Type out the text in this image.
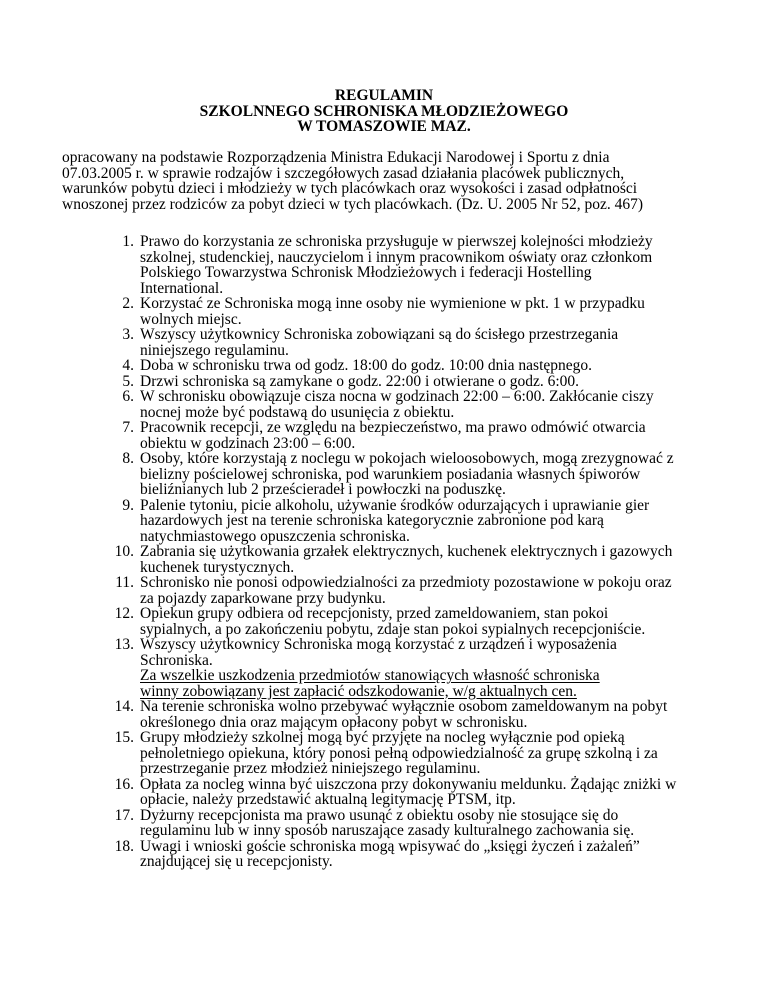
REGULAMIN
SZKOLNNEGO SCHRONISKA MŁODZIEŻOWEGO
W TOMASZOWIE MAZ.
opracowany na podstawie Rozporządzenia Ministra Edukacji Narodowej i Sportu z dnia
07.03.2005 r. w sprawie rodzajów i szczegółowych zasad działania placówek publicznych,
warunków pobytu dzieci i młodzieży w tych placówkach oraz wysokości i zasad odpłatności
wnoszonej przez rodziców za pobyt dzieci w tych placówkach. (Dz. U. 2005 Nr 52, poz. 467)
1. Prawo do korzystania ze schroniska przysługuje w pierwszej kolejności młodzieży
szkolnej, studenckiej, nauczycielom i innym pracownikom oświaty oraz członkom
Polskiego Towarzystwa Schronisk Młodzieżowych i federacji Hostelling
International.
2. Korzystać ze Schroniska mogą inne osoby nie wymienione w pkt. 1 w przypadku
wolnych miejsc.
3. Wszyscy użytkownicy Schroniska zobowiązani są do ścisłego przestrzegania
niniejszego regulaminu.
4. Doba w schronisku trwa od godz. 18:00 do godz. 10:00 dnia następnego.
5. Drzwi schroniska są zamykane o godz. 22:00 i otwierane o godz. 6:00.
6. W schronisku obowiązuje cisza nocna w godzinach 22:00 – 6:00. Zakłócanie ciszy
nocnej może być podstawą do usunięcia z obiektu.
7. Pracownik recepcji, ze względu na bezpieczeństwo, ma prawo odmówić otwarcia
obiektu w godzinach 23:00 – 6:00.
8. Osoby, które korzystają z noclegu w pokojach wieloosobowych, mogą zrezygnować z
bielizny pościelowej schroniska, pod warunkiem posiadania własnych śpiworów
bieliźnianych lub 2 prześcieradeł i powłoczki na poduszkę.
9. Palenie tytoniu, picie alkoholu, używanie środków odurzających i uprawianie gier
hazardowych jest na terenie schroniska kategorycznie zabronione pod karą
natychmiastowego opuszczenia schroniska.
10. Zabrania się użytkowania grzałek elektrycznych, kuchenek elektrycznych i gazowych
kuchenek turystycznych.
11. Schronisko nie ponosi odpowiedzialności za przedmioty pozostawione w pokoju oraz
za pojazdy zaparkowane przy budynku.
12. Opiekun grupy odbiera od recepcjonisty, przed zameldowaniem, stan pokoi
sypialnych, a po zakończeniu pobytu, zdaje stan pokoi sypialnych recepcjoniście.
13. Wszyscy użytkownicy Schroniska mogą korzystać z urządzeń i wyposażenia
Schroniska.
Za wszelkie uszkodzenia przedmiotów stanowiących własność schroniska
winny zobowiązany jest zapłacić odszkodowanie, w/g aktualnych cen.
14. Na terenie schroniska wolno przebywać wyłącznie osobom zameldowanym na pobyt
określonego dnia oraz mającym opłacony pobyt w schronisku.
15. Grupy młodzieży szkolnej mogą być przyjęte na nocleg wyłącznie pod opieką
pełnoletniego opiekuna, który ponosi pełną odpowiedzialność za grupę szkolną i za
przestrzeganie przez młodzież niniejszego regulaminu.
16. Opłata za nocleg winna być uiszczona przy dokonywaniu meldunku. Żądając zniżki w
opłacie, należy przedstawić aktualną legitymację PTSM, itp.
17. Dyżurny recepcjonista ma prawo usunąć z obiektu osoby nie stosujące się do
regulaminu lub w inny sposób naruszające zasady kulturalnego zachowania się.
18. Uwagi i wnioski goście schroniska mogą wpisywać do „księgi życzeń i zażaleń”
znajdującej się u recepcjonisty.
